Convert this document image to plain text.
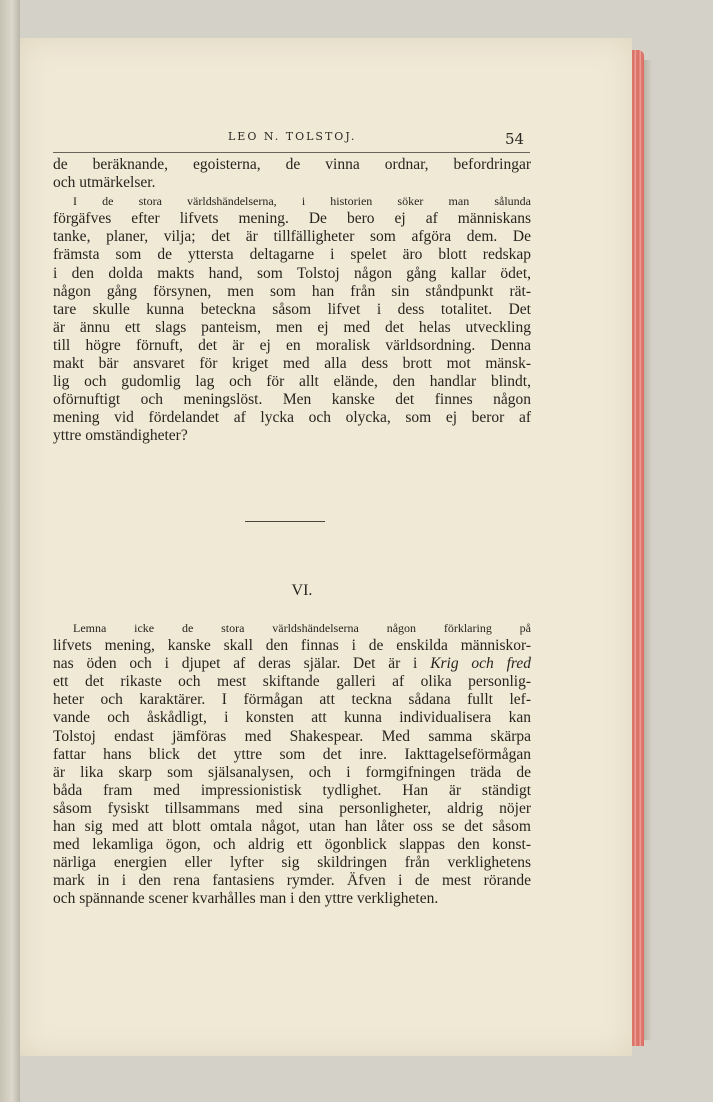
LEO N. TOLSTOJ.	54
de beräknande, egoisterna, de vinna ordnar, befordringar
och utmärkelser.
I de stora världshändelserna, i historien söker man sålunda
förgäfves efter lifvets mening. De bero ej af människans
tanke, planer, vilja; det är tillfälligheter som afgöra dem. De
främsta som de yttersta deltagarne i spelet äro blott redskap
i den dolda makts hand, som Tolstoj någon gång kallar ödet,
någon gång försynen, men som han från sin ståndpunkt rät-
tare skulle kunna beteckna såsom lifvet i dess totalitet. Det
är ännu ett slags panteism, men ej med det helas utveckling
till högre förnuft, det är ej en moralisk världsordning. Denna
makt bär ansvaret för kriget med alla dess brott mot mänsk-
lig och gudomlig lag och för allt elände, den handlar blindt,
oförnuftigt och meningslöst. Men kanske det finnes någon
mening vid fördelandet af lycka och olycka, som ej beror af
yttre omständigheter?
VI.
Lemna icke de stora världshändelserna någon förklaring på
lifvets mening, kanske skall den finnas i de enskilda människor-
nas öden och i djupet af deras själar. Det är i Krig och fred
ett det rikaste och mest skiftande galleri af olika personlig-
heter och karaktärer. I förmågan att teckna sådana fullt lef-
vande och åskådligt, i konsten att kunna individualisera kan
Tolstoj endast jämföras med Shakespear. Med samma skärpa
fattar hans blick det yttre som det inre. Iakttagelseförmågan
är lika skarp som själsanalysen, och i formgifningen träda de
båda fram med impressionistisk tydlighet. Han är ständigt
såsom fysiskt tillsammans med sina personligheter, aldrig nöjer
han sig med att blott omtala något, utan han låter oss se det såsom
med lekamliga ögon, och aldrig ett ögonblick slappas den konst-
närliga energien eller lyfter sig skildringen från verklighetens
mark in i den rena fantasiens rymder. Äfven i de mest rörande
och spännande scener kvarhålles man i den yttre verkligheten.
